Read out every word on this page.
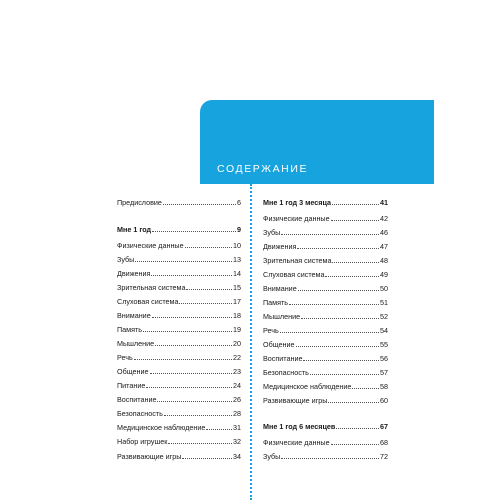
СОДЕРЖАНИЕ
Предисловие	6
Мне 1 год	9
Физические данные	10
Зубы	13
Движения	14
Зрительная система	15
Слуховая система	17
Внимание	18
Память	19
Мышление	20
Речь	22
Общение	23
Питание	24
Воспитание	26
Безопасность	28
Медицинское наблюдение	31
Набор игрушек	32
Развивающие игры	34
Мне 1 год 3 месяца	41
Физические данные	42
Зубы	46
Движения	47
Зрительная система	48
Слуховая система	49
Внимание	50
Память	51
Мышление	52
Речь	54
Общение	55
Воспитание	56
Безопасность	57
Медицинское наблюдение	58
Развивающие игры	60
Мне 1 год 6 месяцев	67
Физические данные	68
Зубы	72
